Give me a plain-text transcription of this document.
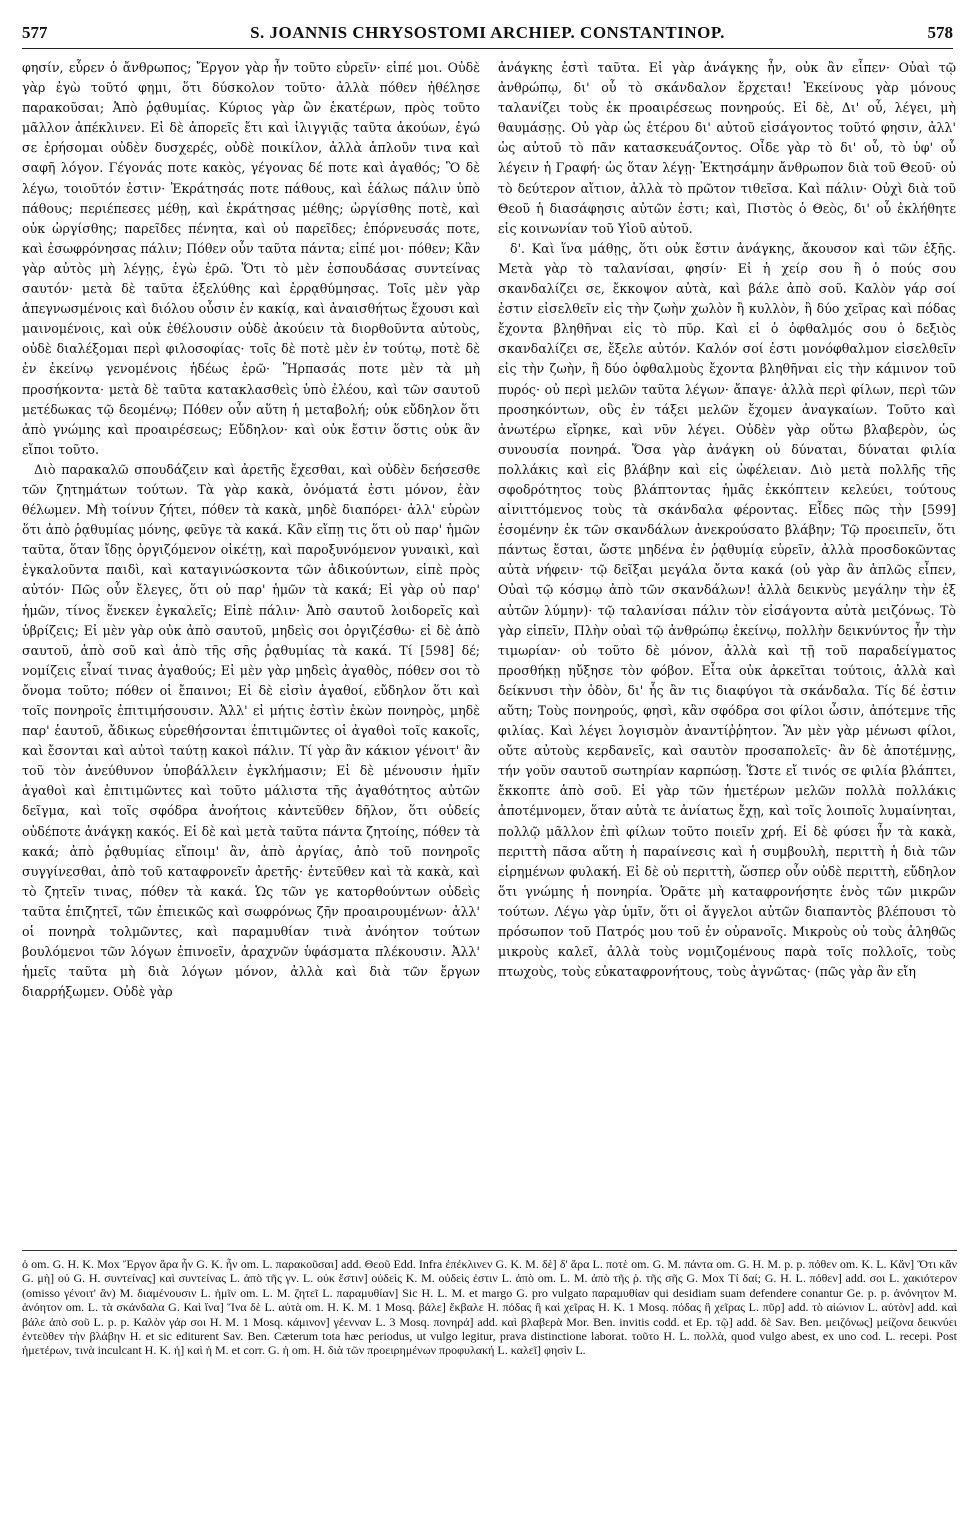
577	S. JOANNIS CHRYSOSTOMI ARCHIEP. CONSTANTINOP.	578

φησίν, εὗρεν ὁ ἄνθρωπος; Ἔργον γὰρ ἦν τοῦτο εὑρεῖν· εἰπέ μοι. Οὐδὲ γὰρ ἐγὼ τοῦτό φημι, ὅτι δύσκολον τοῦτο· ἀλλὰ πόθεν ἠθέλησε παρακοῦσαι; Ἀπὸ ῥᾳθυμίας. Κύριος γὰρ ὢν ἑκατέρων, πρὸς τοῦτο μᾶλλον ἀπέκλινεν. Εἰ δὲ ἀπορεῖς ἔτι καὶ ἰλιγγιᾷς ταῦτα ἀκούων, ἐγώ σε ἐρήσομαι οὐδὲν δυσχερές, οὐδὲ ποικίλον, ἀλλὰ ἁπλοῦν τινα καὶ σαφῆ λόγον. Γέγονάς ποτε κακὸς, γέγονας δέ ποτε καὶ ἀγαθός; Ὃ δὲ λέγω, τοιοῦτόν ἐστιν· Ἐκράτησάς ποτε πάθους, καὶ ἑάλως πάλιν ὑπὸ πάθους; περιέπεσες μέθῃ, καὶ ἐκράτησας μέθης; ὠργίσθης ποτὲ, καὶ οὐκ ὠργίσθης; παρεῖδες πένητα, καὶ οὐ παρεῖδες; ἐπόρνευσάς ποτε, καὶ ἐσωφρόνησας πάλιν; Πόθεν οὖν ταῦτα πάντα; εἰπέ μοι· πόθεν; Κἂν γὰρ αὐτὸς μὴ λέγῃς, ἐγὼ ἐρῶ. Ὅτι τὸ μὲν ἐσπουδάσας συντείνας σαυτόν· μετὰ δὲ ταῦτα ἐξελύθης καὶ ἐρρᾳθύμησας. Τοῖς μὲν γὰρ ἀπεγνωσμένοις καὶ διόλου οὖσιν ἐν κακίᾳ, καὶ ἀναισθήτως ἔχουσι καὶ μαινομένοις, καὶ οὐκ ἐθέλουσιν οὐδὲ ἀκούειν τὰ διορθοῦντα αὐτοὺς, οὐδὲ διαλέξομαι περὶ φιλοσοφίας· τοῖς δὲ ποτὲ μὲν ἐν τούτῳ, ποτὲ δὲ ἐν ἐκείνῳ γενομένοις ἡδέως ἐρῶ· Ἥρπασάς ποτε μὲν τὰ μὴ προσήκοντα· μετὰ δὲ ταῦτα κατακλασθεὶς ὑπὸ ἐλέου, καὶ τῶν σαυτοῦ μετέδωκας τῷ δεομένῳ; Πόθεν οὖν αὕτη ἡ μεταβολή; οὐκ εὔδηλον ὅτι ἀπὸ γνώμης καὶ προαιρέσεως; Εὔδηλον· καὶ οὐκ ἔστιν ὅστις οὐκ ἂν εἴποι τοῦτο.

Διὸ παρακαλῶ σπουδάζειν καὶ ἀρετῆς ἔχεσθαι, καὶ οὐδὲν δεήσεσθε τῶν ζητημάτων τούτων. Τὰ γὰρ κακὰ, ὀνόματά ἐστι μόνον, ἐὰν θέλωμεν. Μὴ τοίνυν ζήτει, πόθεν τὰ κακὰ, μηδὲ διαπόρει· ἀλλ' εὑρὼν ὅτι ἀπὸ ῥᾳθυμίας μόνης, φεῦγε τὰ κακά. Κἂν εἴπῃ τις ὅτι οὐ παρ' ἡμῶν ταῦτα, ὅταν ἴδῃς ὀργιζόμενον οἰκέτῃ, καὶ παροξυνόμενον γυναικὶ, καὶ ἐγκαλοῦντα παιδὶ, καὶ καταγινώσκοντα τῶν ἀδικούντων, εἰπὲ πρὸς αὐτόν· Πῶς οὖν ἔλεγες, ὅτι οὐ παρ' ἡμῶν τὰ κακά; Εἰ γὰρ οὐ παρ' ἡμῶν, τίνος ἕνεκεν ἐγκαλεῖς; Εἰπὲ πάλιν· Ἀπὸ σαυτοῦ λοιδορεῖς καὶ ὑβρίζεις; Εἰ μὲν γὰρ οὐκ ἀπὸ σαυτοῦ, μηδεὶς σοι ὀργιζέσθω· εἰ δὲ ἀπὸ σαυτοῦ, ἀπὸ σοῦ καὶ ἀπὸ τῆς σῆς ῥᾳθυμίας τὰ κακά. Τί [598] δέ; νομίζεις εἶναί τινας ἀγαθούς; Εἰ μὲν γὰρ μηδεὶς ἀγαθὸς, πόθεν σοι τὸ ὄνομα τοῦτο; πόθεν οἱ ἔπαινοι; Εἰ δὲ εἰσὶν ἀγαθοί, εὔδηλον ὅτι καὶ τοῖς πονηροῖς ἐπιτιμήσουσιν. Ἀλλ' εἰ μήτις ἐστὶν ἑκὼν πονηρὸς, μηδὲ παρ' ἑαυτοῦ, ἄδικως εὑρεθήσονται ἐπιτιμῶντες οἱ ἀγαθοὶ τοῖς κακοῖς, καὶ ἔσονται καὶ αὐτοὶ ταύτῃ κακοὶ πάλιν. Τί γὰρ ἂν κάκιον γένοιτ' ἂν τοῦ τὸν ἀνεύθυνον ὑποβάλλειν ἐγκλήμασιν; Εἰ δὲ μένουσιν ἡμῖν ἀγαθοὶ καὶ ἐπιτιμῶντες καὶ τοῦτο μάλιστα τῆς ἀγαθότητος αὐτῶν δεῖγμα, καὶ τοῖς σφόδρα ἀνοήτοις κἀντεῦθεν δῆλον, ὅτι οὐδείς οὐδέποτε ἀνάγκῃ κακός. Εἰ δὲ καὶ μετὰ ταῦτα πάντα ζητοίης, πόθεν τὰ κακά; ἀπὸ ῥᾳθυμίας εἴποιμ' ἂν, ἀπὸ ἀργίας, ἀπὸ τοῦ πονηροῖς συγγίνεσθαι, ἀπὸ τοῦ καταφρονεῖν ἀρετῆς· ἐντεῦθεν καὶ τὰ κακὰ, καὶ τὸ ζητεῖν τινας, πόθεν τὰ κακά. Ὡς τῶν γε κατορθούντων οὐδεὶς ταῦτα ἐπιζητεῖ, τῶν ἐπιεικῶς καὶ σωφρόνως ζῆν προαιρουμένων· ἀλλ' οἱ πονηρὰ τολμῶντες, καὶ παραμυθίαν τινὰ ἀνόητον τούτων βουλόμενοι τῶν λόγων ἐπινοεῖν, ἀραχνῶν ὑφάσματα πλέκουσιν. Ἀλλ' ἡμεῖς ταῦτα μὴ διὰ λόγων μόνον, ἀλλὰ καὶ διὰ τῶν ἔργων διαρρήξωμεν. Οὐδὲ γὰρ

ἀνάγκης ἐστὶ ταῦτα. Εἰ γὰρ ἀνάγκης ἦν, οὐκ ἂν εἶπεν· Οὐαὶ τῷ ἀνθρώπῳ, δι' οὗ τὸ σκάνδαλον ἔρχεται! Ἐκείνους γὰρ μόνους ταλανίζει τοὺς ἐκ προαιρέσεως πονηρούς. Εἰ δὲ, Δι' οὗ, λέγει, μὴ θαυμάσῃς. Οὐ γὰρ ὡς ἑτέρου δι' αὐτοῦ εἰσάγοντος τοῦτό φησιν, ἀλλ' ὡς αὐτοῦ τὸ πᾶν κατασκευάζοντος. Οἶδε γὰρ τὸ δι' οὗ, τὸ ὑφ' οὗ λέγειν ἡ Γραφή· ὡς ὅταν λέγῃ· Ἐκτησάμην ἄνθρωπον διὰ τοῦ Θεοῦ· οὐ τὸ δεύτερον αἴτιον, ἀλλὰ τὸ πρῶτον τιθεῖσα. Καὶ πάλιν· Οὐχὶ διὰ τοῦ Θεοῦ ἡ διασάφησις αὐτῶν ἐστι; καὶ, Πιστὸς ὁ Θεὸς, δι' οὗ ἐκλήθητε εἰς κοινωνίαν τοῦ Υἱοῦ αὐτοῦ.

δ'. Καὶ ἵνα μάθῃς, ὅτι οὐκ ἔστιν ἀνάγκης, ἄκουσον καὶ τῶν ἑξῆς. Μετὰ γὰρ τὸ ταλανίσαι, φησίν· Εἰ ἡ χείρ σου ἢ ὁ πούς σου σκανδαλίζει σε, ἔκκοψον αὐτὰ, καὶ βάλε ἀπὸ σοῦ. Καλὸν γάρ σοί ἐστιν εἰσελθεῖν εἰς τὴν ζωὴν χωλὸν ἢ κυλλὸν, ἢ δύο χεῖρας καὶ πόδας ἔχοντα βληθῆναι εἰς τὸ πῦρ. Καὶ εἰ ὁ ὀφθαλμός σου ὁ δεξιὸς σκανδαλίζει σε, ἔξελε αὐτόν. Καλόν σοί ἐστι μονόφθαλμον εἰσελθεῖν εἰς τὴν ζωὴν, ἢ δύο ὀφθαλμοὺς ἔχοντα βληθῆναι εἰς τὴν κάμινον τοῦ πυρός· οὐ περὶ μελῶν ταῦτα λέγων· ἄπαγε· ἀλλὰ περὶ φίλων, περὶ τῶν προσηκόντων, οὓς ἐν τάξει μελῶν ἔχομεν ἀναγκαίων. Τοῦτο καὶ ἀνωτέρω εἴρηκε, καὶ νῦν λέγει. Οὐδὲν γὰρ οὕτω βλαβερὸν, ὡς συνουσία πονηρά. Ὅσα γὰρ ἀνάγκη οὐ δύναται, δύναται φιλία πολλάκις καὶ εἰς βλάβην καὶ εἰς ὠφέλειαν. Διὸ μετὰ πολλῆς τῆς σφοδρότητος τοὺς βλάπτοντας ἡμᾶς ἐκκόπτειν κελεύει, τούτους αἰνιττόμενος τοὺς τὰ σκάνδαλα φέροντας. Εἶδες πῶς τὴν [599] ἐσομένην ἐκ τῶν σκανδάλων ἀνεκρούσατο βλάβην; Τῷ προειπεῖν, ὅτι πάντως ἔσται, ὥστε μηδένα ἐν ῥᾳθυμίᾳ εὑρεῖν, ἀλλὰ προσδοκῶντας αὐτὰ νήφειν· τῷ δεῖξαι μεγάλα ὄντα κακά (οὐ γὰρ ἂν ἁπλῶς εἶπεν, Οὐαὶ τῷ κόσμῳ ἀπὸ τῶν σκανδάλων! ἀλλὰ δεικνὺς μεγάλην τὴν ἐξ αὐτῶν λύμην)· τῷ ταλανίσαι πάλιν τὸν εἰσάγοντα αὐτὰ μειζόνως. Τὸ γὰρ εἰπεῖν, Πλὴν οὐαὶ τῷ ἀνθρώπῳ ἐκείνῳ, πολλὴν δεικνύντος ἦν τὴν τιμωρίαν· οὐ τοῦτο δὲ μόνον, ἀλλὰ καὶ τῇ τοῦ παραδείγματος προσθήκῃ ηὔξησε τὸν φόβον. Εἶτα οὐκ ἀρκεῖται τούτοις, ἀλλὰ καὶ δείκνυσι τὴν ὁδὸν, δι' ἧς ἂν τις διαφύγοι τὰ σκάνδαλα. Τίς δέ ἐστιν αὕτη; Τοὺς πονηρούς, φησὶ, κἂν σφόδρα σοι φίλοι ὦσιν, ἀπότεμνε τῆς φιλίας. Καὶ λέγει λογισμὸν ἀναντίῤῥητον. Ἂν μὲν γὰρ μένωσι φίλοι, οὔτε αὐτοὺς κερδανεῖς, καὶ σαυτὸν προσαπολεῖς· ἂν δὲ ἀποτέμνῃς, τήν γοῦν σαυτοῦ σωτηρίαν καρπώσῃ. Ὥστε εἴ τινός σε φιλία βλάπτει, ἔκκοπτε ἀπὸ σοῦ. Εἰ γὰρ τῶν ἡμετέρων μελῶν πολλὰ πολλάκις ἀποτέμνομεν, ὅταν αὐτὰ τε ἀνίατως ἔχῃ, καὶ τοῖς λοιποῖς λυμαίνηται, πολλῷ μᾶλλον ἐπὶ φίλων τοῦτο ποιεῖν χρή. Εἰ δὲ φύσει ἦν τὰ κακὰ, περιττὴ πᾶσα αὕτη ἡ παραίνεσις καὶ ἡ συμβουλὴ, περιττὴ ἡ διὰ τῶν εἰρημένων φυλακή. Εἰ δὲ οὐ περιττὴ, ὥσπερ οὖν οὐδὲ περιττὴ, εὔδηλον ὅτι γνώμης ἡ πονηρία. Ὁρᾶτε μὴ καταφρονήσητε ἑνὸς τῶν μικρῶν τούτων. Λέγω γὰρ ὑμῖν, ὅτι οἱ ἄγγελοι αὐτῶν διαπαντὸς βλέπουσι τὸ πρόσωπον τοῦ Πατρός μου τοῦ ἐν οὐρανοῖς. Μικροὺς οὐ τοὺς ἀληθῶς μικροὺς καλεῖ, ἀλλὰ τοὺς νομιζομένους παρὰ τοῖς πολλοῖς, τοὺς πτωχοὺς, τοὺς εὐκαταφρονήτους, τοὺς ἀγνῶτας· (πῶς γὰρ ἂν εἴη

ὁ om. G. H. K. Mox Ἔργον ἄρα ἦν G. K. ἦν om. L. παρακοῦσαι] add. Θεοῦ Edd. Infra ἐπέκλινεν G. K. M. δὲ] δ' ἄρα L. ποτὲ om. G. M. πάντα om. G. H. M. p. p. πόθεν om. K. L. Κἄν] Ὅτι κἂν G. μὴ] οὐ G. H. συντείνας] καὶ συντείνας L. ἀπὸ τῆς γν. L. οὐκ ἔστιν] οὐδεὶς K. M. οὐδεὶς ἐστιν L. ἀπὸ om. L. M. ἀπὸ τῆς ῥ. τῆς σῆς G. Mox Τί δαί; G. H. L. πόθεν] add. σοι L. χακιότερον (omisso γένοιτ' ἂν) M. διαμένουσιν L. ἡμῖν om. L. M. ζητεῖ L. παραμυθίαν] Sic H. L. M. et margo G. pro vulgato παραμυθίαν qui desidiam suam defendere conantur Ge. p. p. ἀνόνητον M. ἀνόητον om. L. τὰ σκάνδαλα G. Καὶ ἵνα] Ἵνα δὲ L. αὐτὰ om. H. K. M. 1 Mosq. βάλε] ἔκβαλε H. πόδας ἢ καὶ χεῖρας H. K. 1 Mosq. πόδας ἢ χεῖρας L. πῦρ] add. τὸ αἰώνιον L. αὐτὸν] add. καὶ βάλε ἀπὸ σοῦ L. p. p. Καλὸν γάρ σοι H. M. 1 Mosq. κάμινον] γέενναν L. 3 Mosq. πονηρά] add. καὶ βλαβερὰ Mor. Ben. invitis codd. et Ep. τῷ] add. δὲ Sav. Ben. μειζόνως] μείζονα δεικνύει ἐντεῦθεν τὴν βλάβην H. et sic editurent Sav. Ben. Cæterum tota hæc periodus, ut vulgo legitur, prava distinctione laborat. τοῦτο H. L. πολλὰ, quod vulgo abest, ex uno cod. L. recepi. Post ἡμετέρων, τινὰ inculcant H. K. ἡ] καὶ ἡ M. et corr. G. ἡ om. H. διὰ τῶν προειρημένων προφυλακή L. καλεῖ] φησὶν L.
